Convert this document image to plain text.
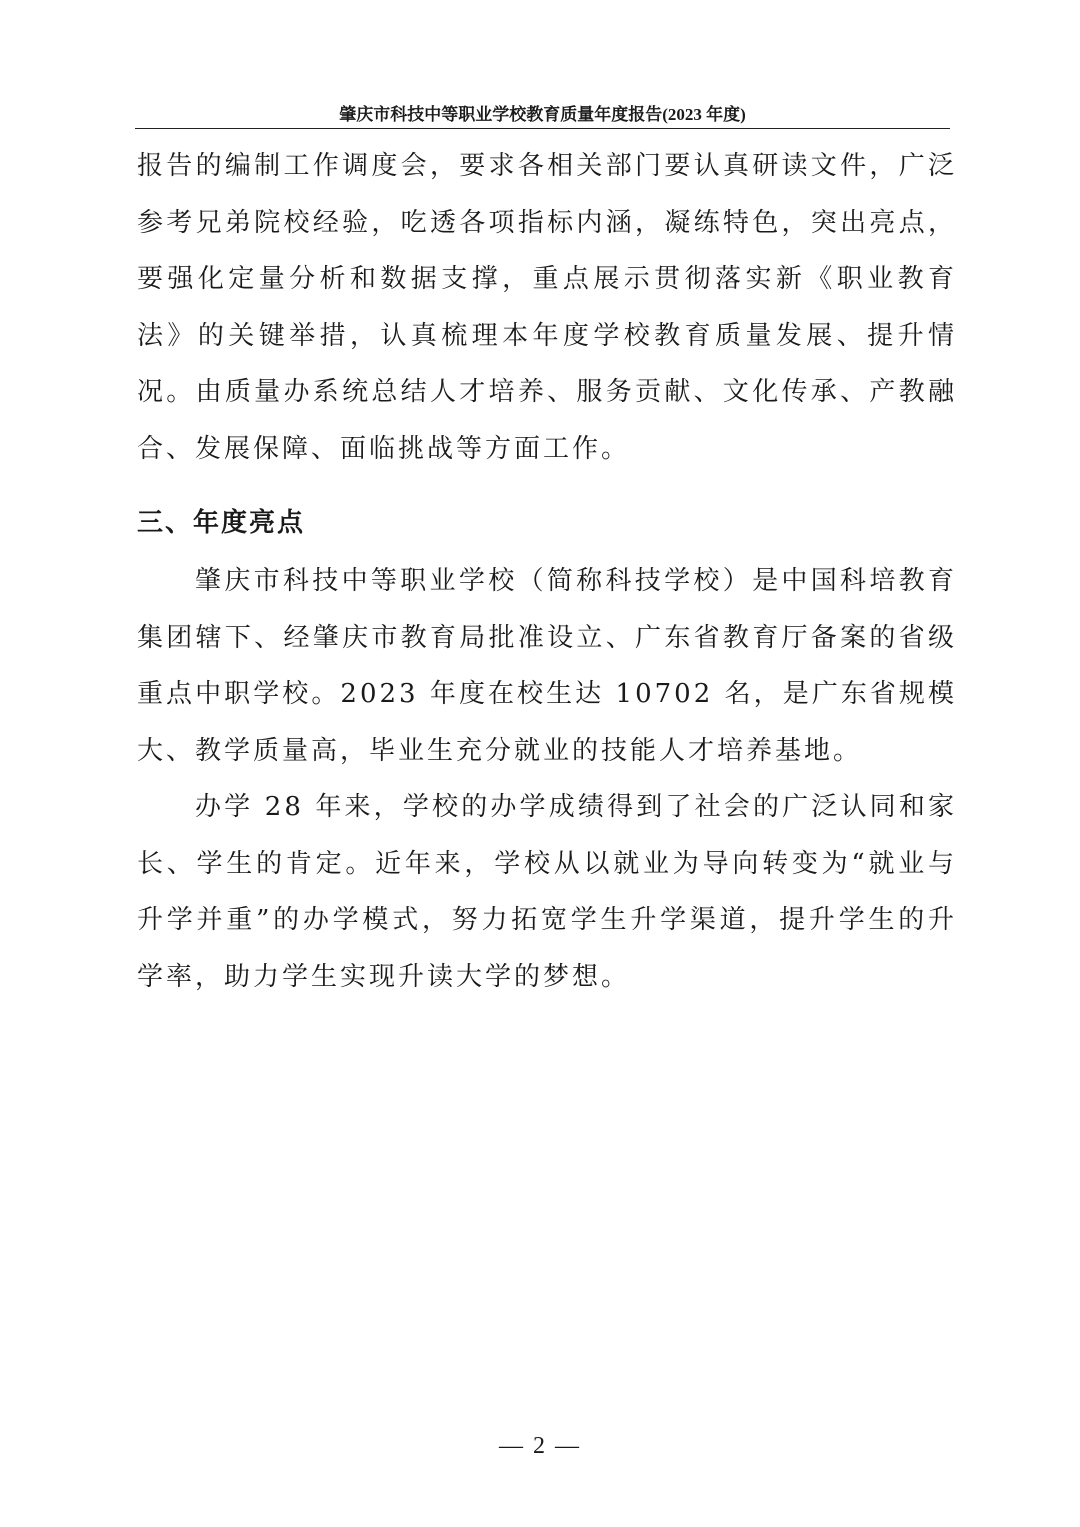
肇庆市科技中等职业学校教育质量年度报告(2023 年度)

报告的编制工作调度会，要求各相关部门要认真研读文件，广泛参考兄弟院校经验，吃透各项指标内涵，凝练特色，突出亮点，要强化定量分析和数据支撑，重点展示贯彻落实新《职业教育法》的关键举措，认真梳理本年度学校教育质量发展、提升情况。由质量办系统总结人才培养、服务贡献、文化传承、产教融合、发展保障、面临挑战等方面工作。

三、年度亮点

肇庆市科技中等职业学校（简称科技学校）是中国科培教育集团辖下、经肇庆市教育局批准设立、广东省教育厅备案的省级重点中职学校。2023 年度在校生达 10702 名，是广东省规模大、教学质量高，毕业生充分就业的技能人才培养基地。

办学 28 年来，学校的办学成绩得到了社会的广泛认同和家长、学生的肯定。近年来，学校从以就业为导向转变为“就业与升学并重”的办学模式，努力拓宽学生升学渠道，提升学生的升学率，助力学生实现升读大学的梦想。

— 2 —
